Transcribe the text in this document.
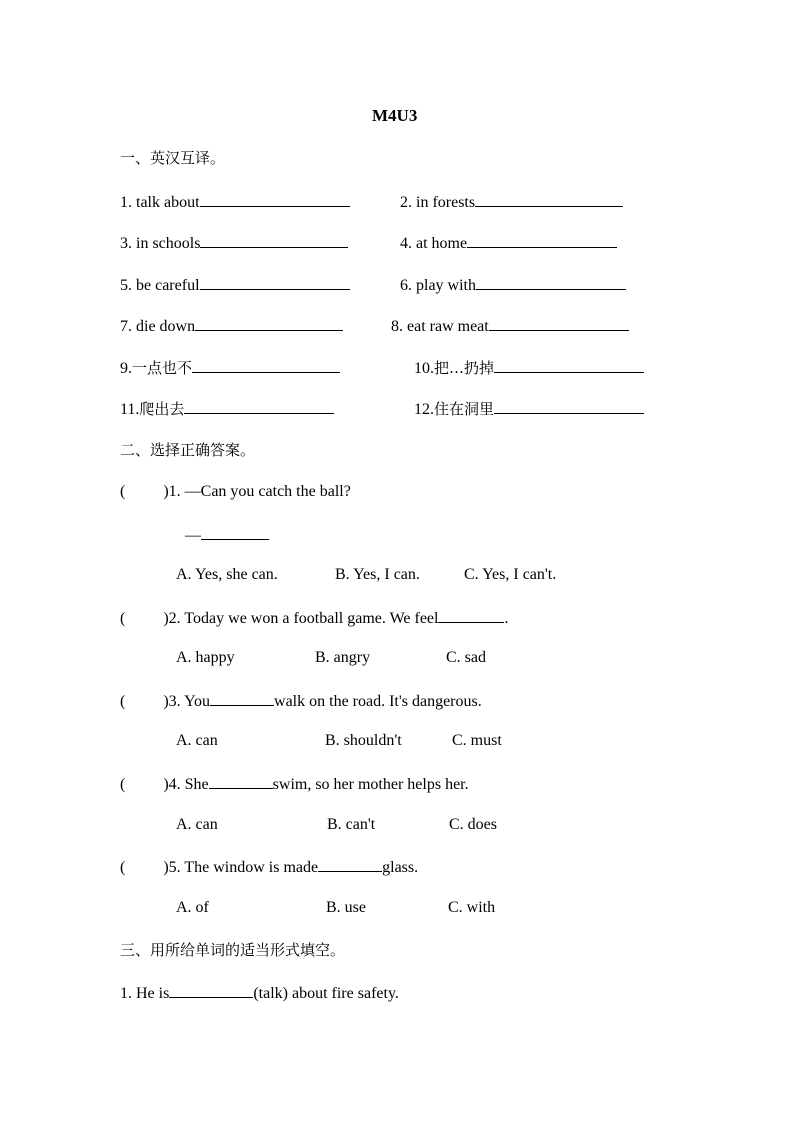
M4U3
一、英汉互译。
1. talk about	2. in forests
3. in schools	4. at home
5. be careful	6. play with
7. die down	8. eat raw meat
9.一点也不	10.把…扔掉
11.爬出去	12.住在洞里
二、选择正确答案。
( )1. —Can you catch the ball?
—
A. Yes, she can.	B. Yes, I can.	C. Yes, I can't.
( )2. Today we won a football game. We feel	.
A. happy	B. angry	C. sad
( )3. You	walk on the road. It's dangerous.
A. can	B. shouldn't	C. must
( )4. She	swim, so her mother helps her.
A. can	B. can't	C. does
( )5. The window is made	glass.
A. of	B. use	C. with
三、用所给单词的适当形式填空。
1. He is	(talk) about fire safety.
